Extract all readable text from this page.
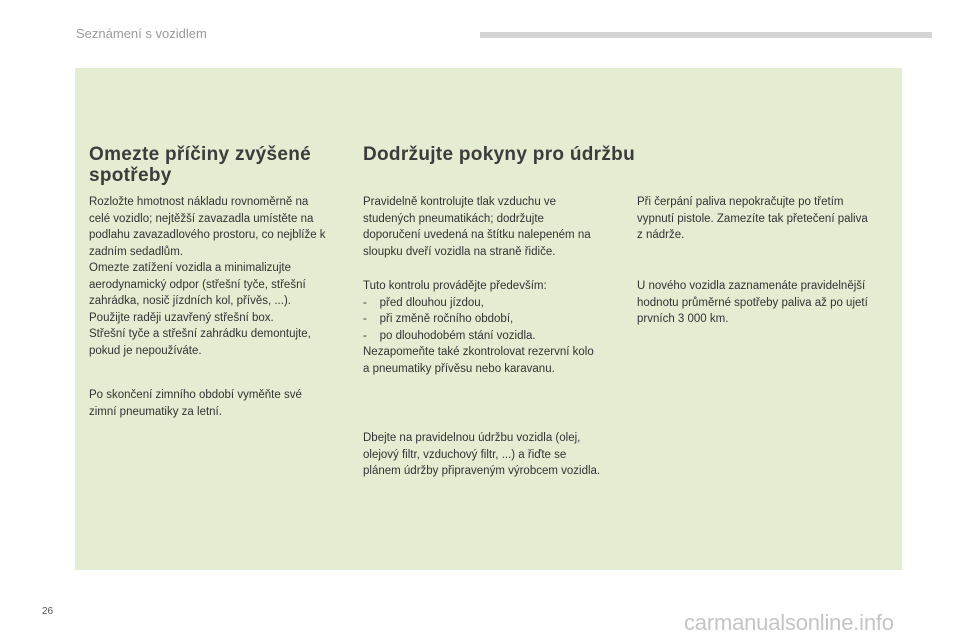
Seznámení s vozidlem
Omezte příčiny zvýšené
spotřeby
Rozložte hmotnost nákladu rovnoměrně na
celé vozidlo; nejtěžší zavazadla umístěte na
podlahu zavazadlového prostoru, co nejblíže k
zadním sedadlům.
Omezte zatížení vozidla a minimalizujte
aerodynamický odpor (střešní tyče, střešní
zahrádka, nosič jízdních kol, přívěs, ...).
Použijte raději uzavřený střešní box.
Střešní tyče a střešní zahrádku demontujte,
pokud je nepoužíváte.
Po skončení zimního období vyměňte své
zimní pneumatiky za letní.
Dodržujte pokyny pro údržbu
Pravidelně kontrolujte tlak vzduchu ve
studených pneumatikách; dodržujte
doporučení uvedená na štítku nalepeném na
sloupku dveří vozidla na straně řidiče.
Tuto kontrolu provádějte především:
-    před dlouhou jízdou,
-    při změně ročního období,
-    po dlouhodobém stání vozidla.
Nezapomeňte také zkontrolovat rezervní kolo
a pneumatiky přívěsu nebo karavanu.
Dbejte na pravidelnou údržbu vozidla (olej,
olejový filtr, vzduchový filtr, ...) a řiďte se
plánem údržby připraveným výrobcem vozidla.
Při čerpání paliva nepokračujte po třetím
vypnutí pistole. Zamezíte tak přetečení paliva
z nádrže.
U nového vozidla zaznamenáte pravidelnější
hodnotu průměrné spotřeby paliva až po ujetí
prvních 3 000 km.
26	carmanualsonline.info
